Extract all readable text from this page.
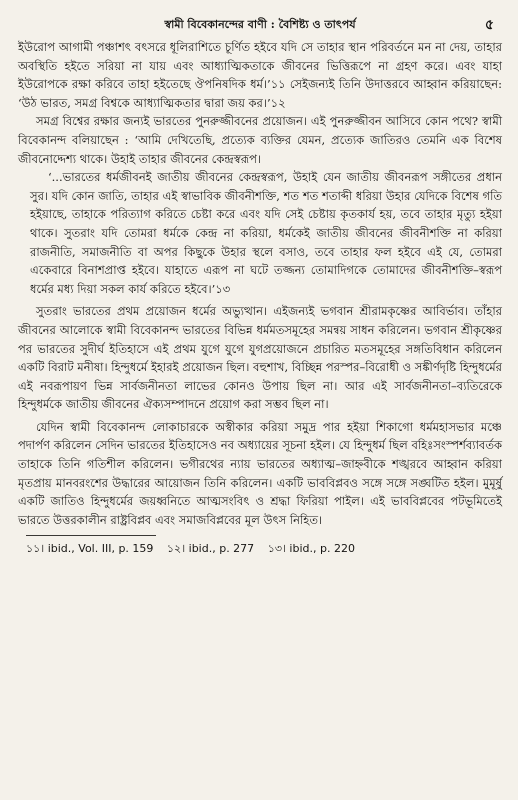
স্বামী বিবেকানন্দের বাণী : বৈশিষ্ট্য ও তাৎপর্য	৫

ইউরোপ আগামী পঞ্চাশৎ বৎসরে ধূলিরাশিতে চূর্ণিত হইবে যদি সে তাহার স্থান পরিবর্তনে মন না দেয়, তাহার অবস্থিতি হইতে সরিয়া না যায় এবং আধ্যাত্মিকতাকে জীবনের ভিত্তিরূপে না গ্রহণ করে। এবং যাহা ইউরোপকে রক্ষা করিবে তাহা হইতেছে ঔপনিষদিক ধর্ম।’১১ সেইজন্যই তিনি উদাত্তরবে আহ্বান করিয়াছেন: ‘উঠ ভারত, সমগ্র বিশ্বকে আধ্যাত্মিকতার দ্বারা জয় কর।’১২

সমগ্র বিশ্বের রক্ষার জন্যই ভারতের পুনরুজ্জীবনের প্রয়োজন। এই পুনরুজ্জীবন আসিবে কোন পথে? স্বামী বিবেকানন্দ বলিয়াছেন : ‘আমি দেখিতেছি, প্রত্যেক ব্যক্তির যেমন, প্রত্যেক জাতিরও তেমনি এক বিশেষ জীবনোদ্দেশ্য থাকে। উহাই তাহার জীবনের কেন্দ্রস্বরূপ।

‘...ভারতের ধর্মজীবনই জাতীয় জীবনের কেন্দ্রস্বরূপ, উহাই যেন জাতীয় জীবনরূপ সঙ্গীতের প্রধান সুর। যদি কোন জাতি, তাহার এই স্বাভাবিক জীবনীশক্তি, শত শত শতাব্দী ধরিয়া উহার যেদিকে বিশেষ গতি হইয়াছে, তাহাকে পরিত্যাগ করিতে চেষ্টা করে এবং যদি সেই চেষ্টায় কৃতকার্য হয়, তবে তাহার মৃত্যু হইয়া থাকে। সুতরাং যদি তোমরা ধর্মকে কেন্দ্র না করিয়া, ধর্মকেই জাতীয় জীবনের জীবনীশক্তি না করিয়া রাজনীতি, সমাজনীতি বা অপর কিছুকে উহার স্থলে বসাও, তবে তাহার ফল হইবে এই যে, তোমরা একেবারে বিনাশপ্রাপ্ত হইবে। যাহাতে এরূপ না ঘটে তজ্জন্য তোমাদিগকে তোমাদের জীবনীশক্তি–স্বরূপ ধর্মের মধ্য দিয়া সকল কার্য করিতে হইবে।’১৩

সুতরাং ভারতের প্রথম প্রয়োজন ধর্মের অভ্যুত্থান। এইজন্যই ভগবান শ্রীরামকৃষ্ণের আবির্ভাব। তাঁহার জীবনের আলোকে স্বামী বিবেকানন্দ ভারতের বিভিন্ন ধর্মমতসমূহের সমন্বয় সাধন করিলেন। ভগবান শ্রীকৃষ্ণের পর ভারতের সুদীর্ঘ ইতিহাসে এই প্রথম যুগে যুগে যুগপ্রয়োজনে প্রচারিত মতসমূহের সঙ্গতিবিধান করিলেন একটি বিরাট মনীষা। হিন্দুধর্মে ইহারই প্রয়োজন ছিল। বহুশাখ, বিচ্ছিন্ন পরস্পর–বিরোধী ও সঙ্কীর্ণদৃষ্টি হিন্দুধর্মের এই নবরূপায়ণ ভিন্ন সার্বজনীনতা লাভের কোনও উপায় ছিল না। আর এই সার্বজনীনতা–ব্যতিরেকে হিন্দুধর্মকে জাতীয় জীবনের ঐক্যসম্পাদনে প্রয়োগ করা সম্ভব ছিল না।

যেদিন স্বামী বিবেকানন্দ লোকাচারকে অস্বীকার করিয়া সমুদ্র পার হইয়া শিকাগো ধর্মমহাসভার মঞ্চে পদার্পণ করিলেন সেদিন ভারতের ইতিহাসেও নব অধ্যায়ের সূচনা হইল। যে হিন্দুধর্ম ছিল বহিঃসংস্পর্শব্যাবর্তক তাহাকে তিনি গতিশীল করিলেন। ভগীরথের ন্যায় ভারতের অধ্যাত্ম–জাহ্নবীকে শঙ্খরবে আহ্বান করিয়া মৃতপ্রায় মানবরংশের উদ্ধারের আয়োজন তিনি করিলেন। একটি ভাববিপ্লবও সঙ্গে সঙ্গে সঙ্ঘটিত হইল। মুমূর্ষু একটি জাতিও হিন্দুধর্মের জয়ধ্বনিতে আত্মসংবিৎ ও শ্রদ্ধা ফিরিয়া পাইল। এই ভাববিপ্লবের পটভূমিতেই ভারতে উত্তরকালীন রাষ্ট্রবিপ্লব এবং সমাজবিপ্লবের মূল উৎস নিহিত।

১১। ibid., Vol. III, p. 159 ১২। ibid., p. 277 ১৩। ibid., p. 220
